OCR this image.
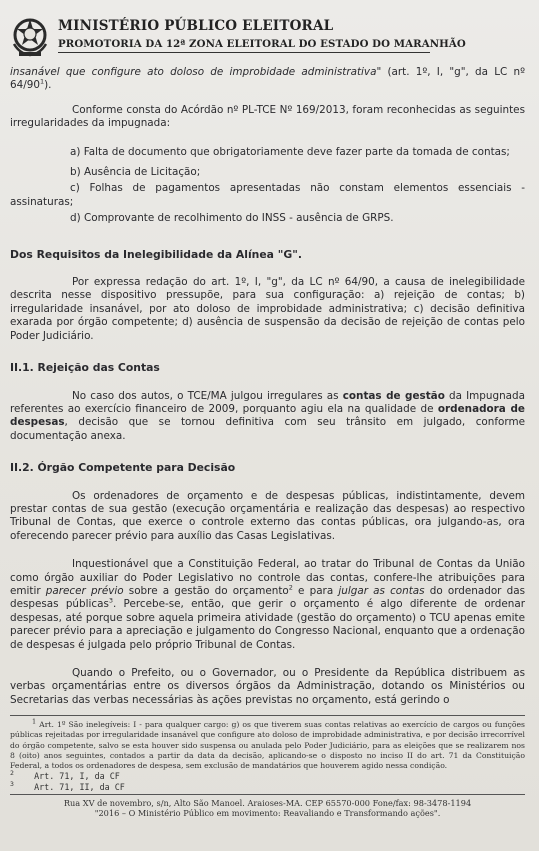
MINISTÉRIO PÚBLICO ELEITORAL
PROMOTORIA DA 12ª ZONA ELEITORAL DO ESTADO DO MARANHÃO

insanável que configure ato doloso de improbidade administrativa" (art. 1º, I, "g", da LC nº $64/90^1$).

Conforme consta do Acórdão nº PL-TCE Nº 169/2013, foram reconhecidas as seguintes irregularidades da impugnada:

a) Falta de documento que obrigatoriamente deve fazer parte da tomada de contas;

b) Ausência de Licitação;

c) Folhas de pagamentos apresentadas não constam elementos essenciais - assinaturas;

d) Comprovante de recolhimento do INSS - ausência de GRPS.

Dos Requisitos da Inelegibilidade da Alínea "G".

Por expressa redação do art. 1º, I, "g", da LC nº 64/90, a causa de inelegibilidade descrita nesse dispositivo pressupõe, para sua configuração: a) rejeição de contas; b) irregularidade insanável, por ato doloso de improbidade administrativa; c) decisão definitiva exarada por órgão competente; d) ausência de suspensão da decisão de rejeição de contas pelo Poder Judiciário.

II.1. Rejeição das Contas

No caso dos autos, o TCE/MA julgou irregulares as contas de gestão da Impugnada referentes ao exercício financeiro de 2009, porquanto agiu ela na qualidade de ordenadora de despesas, decisão que se tornou definitiva com seu trânsito em julgado, conforme documentação anexa.

II.2. Órgão Competente para Decisão

Os ordenadores de orçamento e de despesas públicas, indistintamente, devem prestar contas de sua gestão (execução orçamentária e realização das despesas) ao respectivo Tribunal de Contas, que exerce o controle externo das contas públicas, ora julgando-as, ora oferecendo parecer prévio para auxílio das Casas Legislativas.

Inquestionável que a Constituição Federal, ao tratar do Tribunal de Contas da União como órgão auxiliar do Poder Legislativo no controle das contas, confere-lhe atribuições para emitir parecer prévio sobre a gestão do orçamento$^2$ e para julgar as contas do ordenador das despesas públicas$^3$. Percebe-se, então, que gerir o orçamento é algo diferente de ordenar despesas, até porque sobre aquela primeira atividade (gestão do orçamento) o TCU apenas emite parecer prévio para a apreciação e julgamento do Congresso Nacional, enquanto que a ordenação de despesas é julgada pelo próprio Tribunal de Contas.

Quando o Prefeito, ou o Governador, ou o Presidente da República distribuem as verbas orçamentárias entre os diversos órgãos da Administração, dotando os Ministérios ou Secretarias das verbas necessárias às ações previstas no orçamento, está gerindo o

$^1$ Art. 1º São inelegíveis: I - para qualquer cargo: g) os que tiverem suas contas relativas ao exercício de cargos ou funções públicas rejeitadas por irregularidade insanável que configure ato doloso de improbidade administrativa, e por decisão irrecorrível do órgão competente, salvo se esta houver sido suspensa ou anulada pelo Poder Judiciário, para as eleições que se realizarem nos 8 (oito) anos seguintes, contados a partir da data da decisão, aplicando-se o disposto no inciso II do art. 71 da Constituição Federal, a todos os ordenadores de despesa, sem exclusão de mandatários que houverem agido nessa condição.

$^2$ Art. 71, I, da CF

$^3$ Art. 71, II, da CF

Rua XV de novembro, s/n, Alto São Manoel. Araioses-MA. CEP 65570-000 Fone/fax: 98-3478-1194
"2016 – O Ministério Público em movimento: Reavaliando e Transformando ações".
